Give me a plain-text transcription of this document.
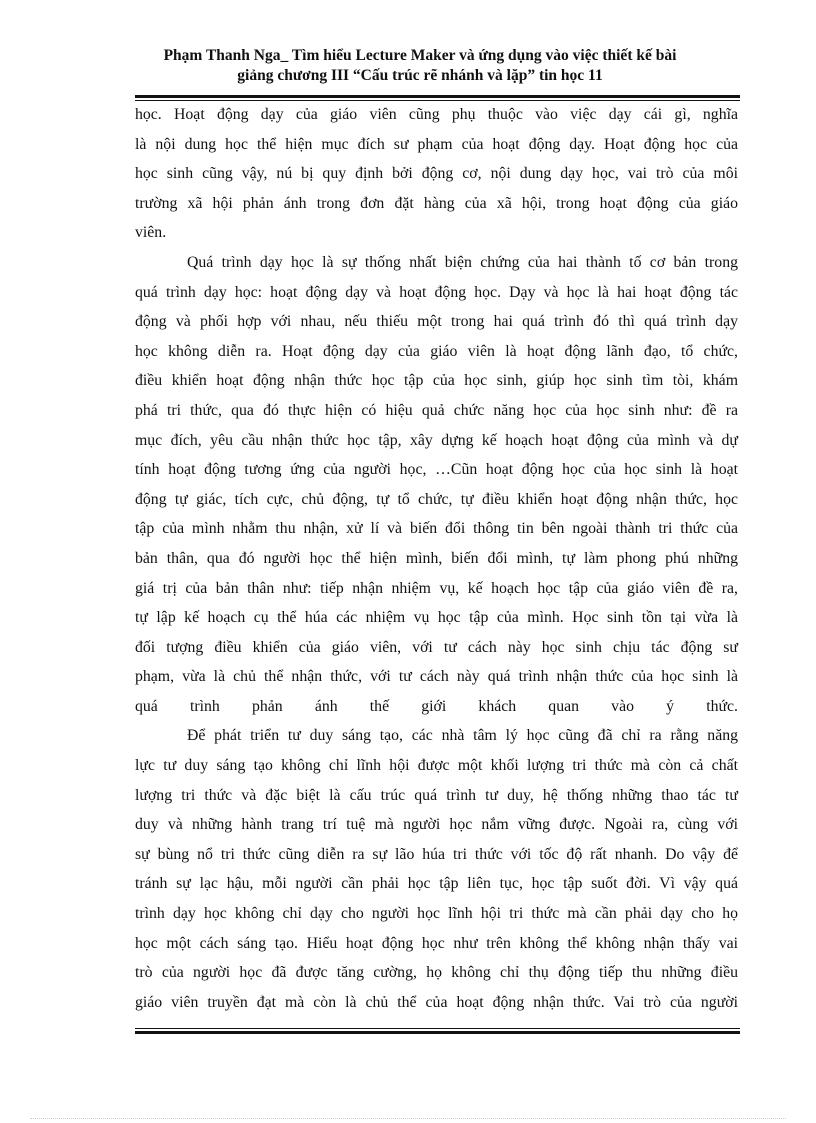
Phạm Thanh Nga_ Tìm hiểu Lecture Maker và ứng dụng vào việc thiết kế bài
giảng chương III “Cấu trúc rẽ nhánh và lặp” tin học 11
học. Hoạt động dạy của giáo viên cũng phụ thuộc vào việc dạy cái gì, nghĩa
là nội dung học thể hiện mục đích sư phạm của hoạt động dạy. Hoạt động học của
học sinh cũng vậy, nú bị quy định bởi động cơ, nội dung dạy học, vai trò của môi
trường xã hội phản ánh trong đơn đặt hàng của xã hội, trong hoạt động của giáo
viên.
Quá trình dạy học là sự thống nhất biện chứng của hai thành tố cơ bản trong
quá trình dạy học: hoạt động dạy và hoạt động học. Dạy và học là hai hoạt động tác
động và phối hợp với nhau, nếu thiếu một trong hai quá trình đó thì quá trình dạy
học không diễn ra. Hoạt động dạy của giáo viên là hoạt động lãnh đạo, tổ chức,
điều khiển hoạt động nhận thức học tập của học sinh, giúp học sinh tìm tòi, khám
phá tri thức, qua đó thực hiện có hiệu quả chức năng học của học sinh như: đề ra
mục đích, yêu cầu nhận thức học tập, xây dựng kế hoạch hoạt động của mình và dự
tính hoạt động tương ứng của người học, …Cũn hoạt động học của học sinh là hoạt
động tự giác, tích cực, chủ động, tự tổ chức, tự điều khiển hoạt động nhận thức, học
tập của mình nhằm thu nhận, xử lí và biến đổi thông tin bên ngoài thành tri thức của
bản thân, qua đó người học thể hiện mình, biến đổi mình, tự làm phong phú những
giá trị của bản thân như: tiếp nhận nhiệm vụ, kế hoạch học tập của giáo viên đề ra,
tự lập kế hoạch cụ thể húa các nhiệm vụ học tập của mình. Học sinh tồn tại vừa là
đối tượng điều khiển của giáo viên, với tư cách này học sinh chịu tác động sư
phạm, vừa là chủ thể nhận thức, với tư cách này quá trình nhận thức của học sinh là
quá trình phản ánh thế giới khách quan vào ý thức.
Để phát triển tư duy sáng tạo, các nhà tâm lý học cũng đã chỉ ra rằng năng
lực tư duy sáng tạo không chỉ lĩnh hội được một khối lượng tri thức mà còn cả chất
lượng tri thức và đặc biệt là cấu trúc quá trình tư duy, hệ thống những thao tác tư
duy và những hành trang trí tuệ mà người học nắm vững được. Ngoài ra, cùng với
sự bùng nổ tri thức cũng diễn ra sự lão húa tri thức với tốc độ rất nhanh. Do vậy để
tránh sự lạc hậu, mỗi người cần phải học tập liên tục, học tập suốt đời. Vì vậy quá
trình dạy học không chỉ dạy cho người học lĩnh hội tri thức mà cần phải dạy cho họ
học một cách sáng tạo. Hiểu hoạt động học như trên không thể không nhận thấy vai
trò của người học đã được tăng cường, họ không chỉ thụ động tiếp thu những điều
giáo viên truyền đạt mà còn là chủ thể của hoạt động nhận thức. Vai trò của người
